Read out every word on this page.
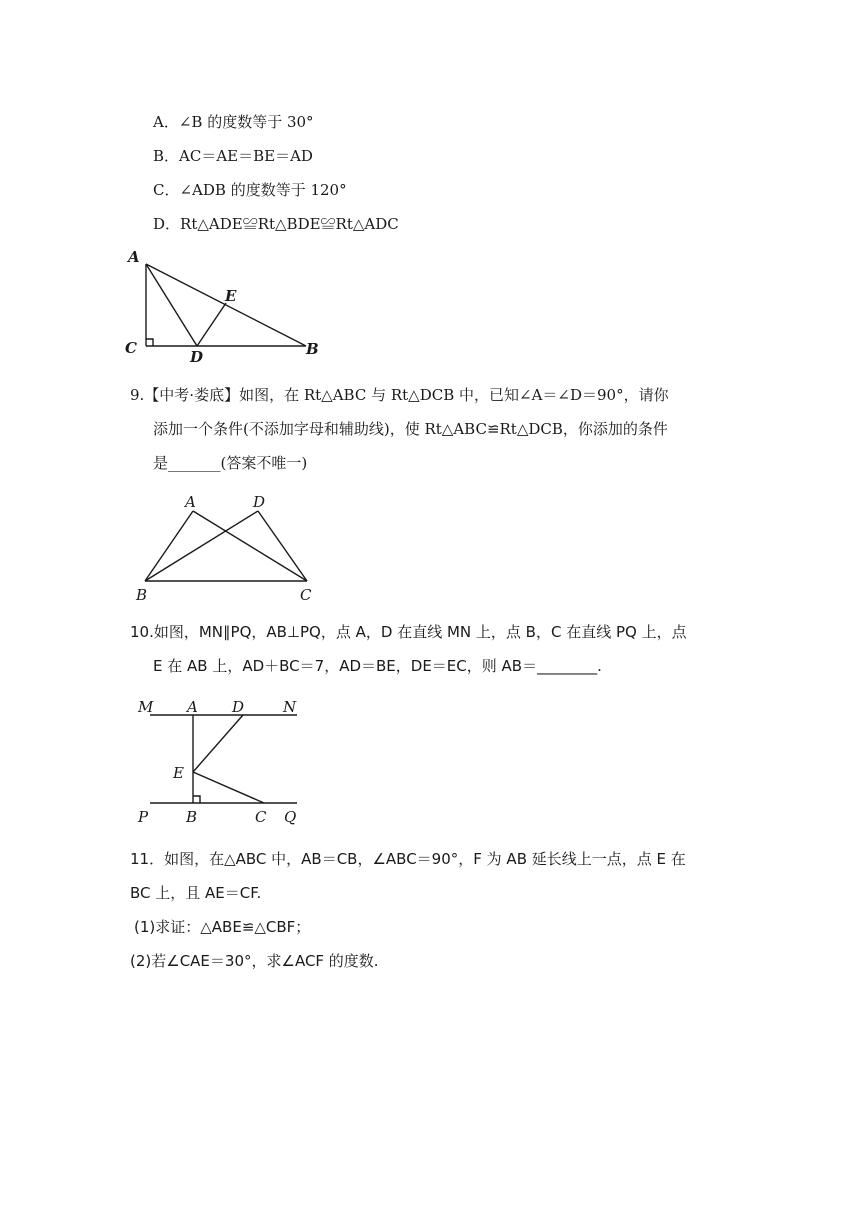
A．∠B 的度数等于 30°
B．AC＝AE＝BE＝AD
C．∠ADB 的度数等于 120°
D．Rt△ADE≌Rt△BDE≌Rt△ADC
A
E
C	D	B
9.【中考·娄底】如图，在 Rt△ABC 与 Rt△DCB 中，已知∠A＝∠D＝90°，请你
添加一个条件(不添加字母和辅助线)，使 Rt△ABC≌Rt△DCB，你添加的条件
是_______(答案不唯一)
A	D
B	C
10.如图，MN∥PQ，AB⊥PQ，点 A，D 在直线 MN 上，点 B，C 在直线 PQ 上，点
E 在 AB 上，AD＋BC＝7，AD＝BE，DE＝EC，则 AB＝________.
M A D	N
E
P	B	C Q
11．如图，在△ABC 中，AB＝CB，∠ABC＝90°，F 为 AB 延长线上一点，点 E 在
BC 上，且 AE＝CF.
(1)求证：△ABE≌△CBF；
(2)若∠CAE＝30°，求∠ACF 的度数.
